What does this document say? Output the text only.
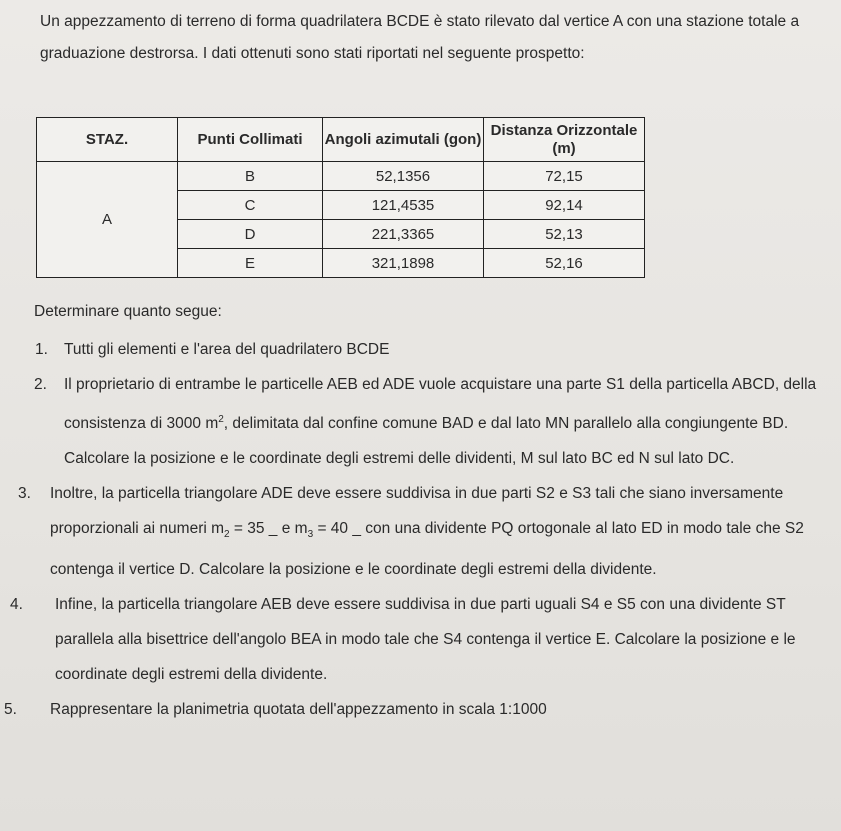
Un appezzamento di terreno di forma quadrilatera BCDE è stato rilevato dal vertice A con una stazione totale a graduazione destrorsa. I dati ottenuti sono stati riportati nel seguente prospetto:

STAZ.	Punti Collimati	Angoli azimutali (gon)	Distanza Orizzontale (m)
A	B	52,1356	72,15
	C	121,4535	92,14
	D	221,3365	52,13
	E	321,1898	52,16

Determinare quanto segue:

1. Tutti gli elementi e l'area del quadrilatero BCDE
2. Il proprietario di entrambe le particelle AEB ed ADE vuole acquistare una parte S1 della particella ABCD, della consistenza di 3000 $m^2$, delimitata dal confine comune BAD e dal lato MN parallelo alla congiungente BD. Calcolare la posizione e le coordinate degli estremi delle dividenti, M sul lato BC ed N sul lato DC.
3. Inoltre, la particella triangolare ADE deve essere suddivisa in due parti S2 e S3 tali che siano inversamente proporzionali ai numeri $m_2 = 35$ _ e $m_3 = 40$ _ con una dividente PQ ortogonale al lato ED in modo tale che S2 contenga il vertice D. Calcolare la posizione e le coordinate degli estremi della dividente.
4. Infine, la particella triangolare AEB deve essere suddivisa in due parti uguali S4 e S5 con una dividente ST parallela alla bisettrice dell'angolo BEA in modo tale che S4 contenga il vertice E. Calcolare la posizione e le coordinate degli estremi della dividente.
5. Rappresentare la planimetria quotata dell'appezzamento in scala 1:1000
